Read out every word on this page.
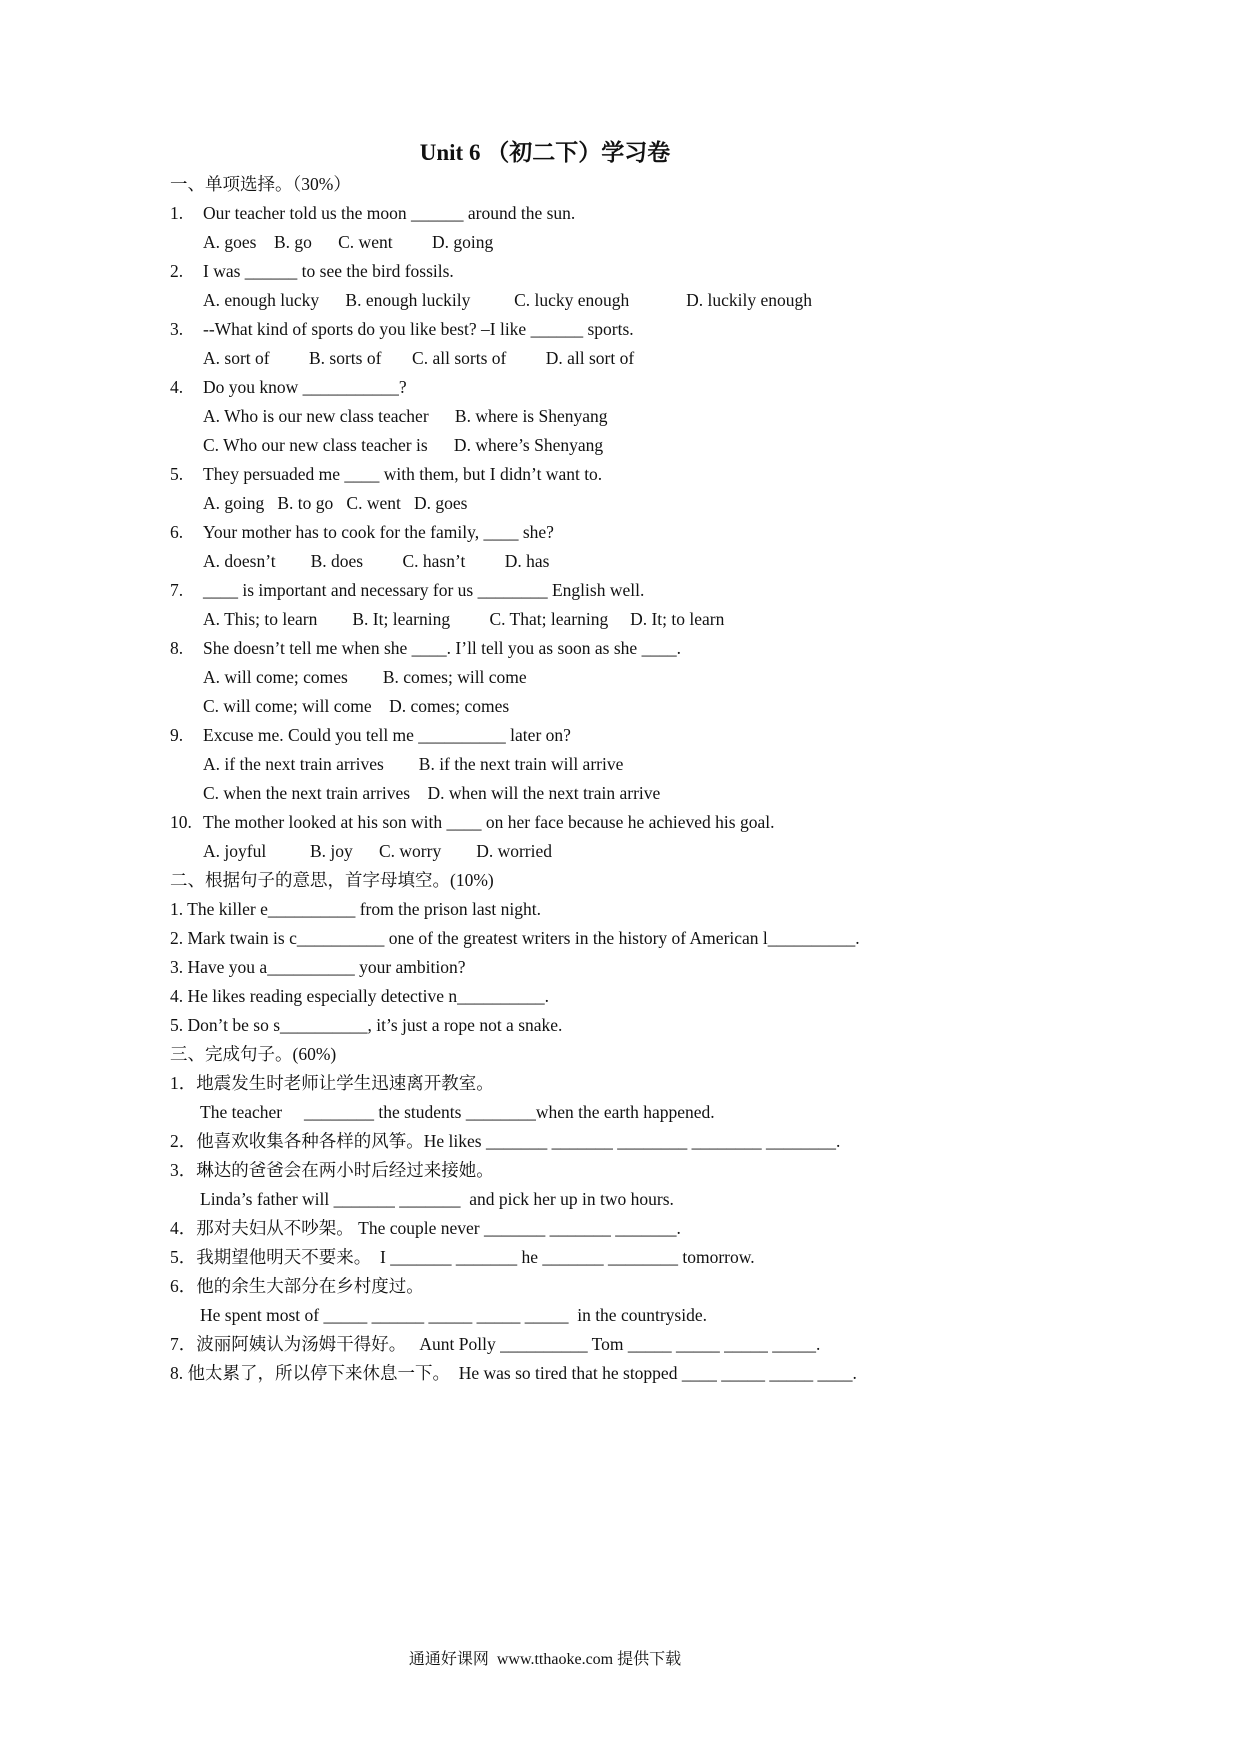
Unit 6 （初二下）学习卷
一、单项选择。（30%）
1. Our teacher told us the moon ______ around the sun.
A. goes    B. go      C. went         D. going
2. I was ______ to see the bird fossils.
A. enough lucky      B. enough luckily          C. lucky enough             D. luckily enough
3. --What kind of sports do you like best? –I like ______ sports.
A. sort of         B. sorts of       C. all sorts of         D. all sort of
4. Do you know ___________?
A. Who is our new class teacher      B. where is Shenyang
C. Who our new class teacher is      D. where’s Shenyang
5. They persuaded me ____ with them, but I didn’t want to.
A. going   B. to go   C. went   D. goes
6. Your mother has to cook for the family, ____ she?
A. doesn’t        B. does         C. hasn’t         D. has
7. ____ is important and necessary for us ________ English well.
A. This; to learn        B. It; learning         C. That; learning     D. It; to learn
8. She doesn’t tell me when she ____. I’ll tell you as soon as she ____.
A. will come; comes        B. comes; will come
C. will come; will come    D. comes; comes
9. Excuse me. Could you tell me __________ later on?
A. if the next train arrives        B. if the next train will arrive
C. when the next train arrives    D. when will the next train arrive
10. The mother looked at his son with ____ on her face because he achieved his goal.
A. joyful          B. joy      C. worry        D. worried
二、根据句子的意思，首字母填空。(10%)
1. The killer e__________ from the prison last night.
2. Mark twain is c__________ one of the greatest writers in the history of American l__________.
3. Have you a__________ your ambition?
4. He likes reading especially detective n__________.
5. Don’t be so s__________, it’s just a rope not a snake.
三、完成句子。(60%)
1．地震发生时老师让学生迅速离开教室。
The teacher     ________ the students ________when the earth happened.
2．他喜欢收集各种各样的风筝。He likes _______ _______ ________ ________ ________.
3．琳达的爸爸会在两小时后经过来接她。
Linda’s father will _______ _______  and pick her up in two hours.
4．那对夫妇从不吵架。 The couple never _______ _______ _______.
5．我期望他明天不要来。  I _______ _______ he _______ ________ tomorrow.
6．他的余生大部分在乡村度过。
He spent most of _____ ______ _____ _____ _____  in the countryside.
7．波丽阿姨认为汤姆干得好。   Aunt Polly __________ Tom _____ _____ _____ _____.
8. 他太累了，所以停下来休息一下。  He was so tired that he stopped ____ _____ _____ ____.
通通好课网  www.tthaoke.com 提供下载
